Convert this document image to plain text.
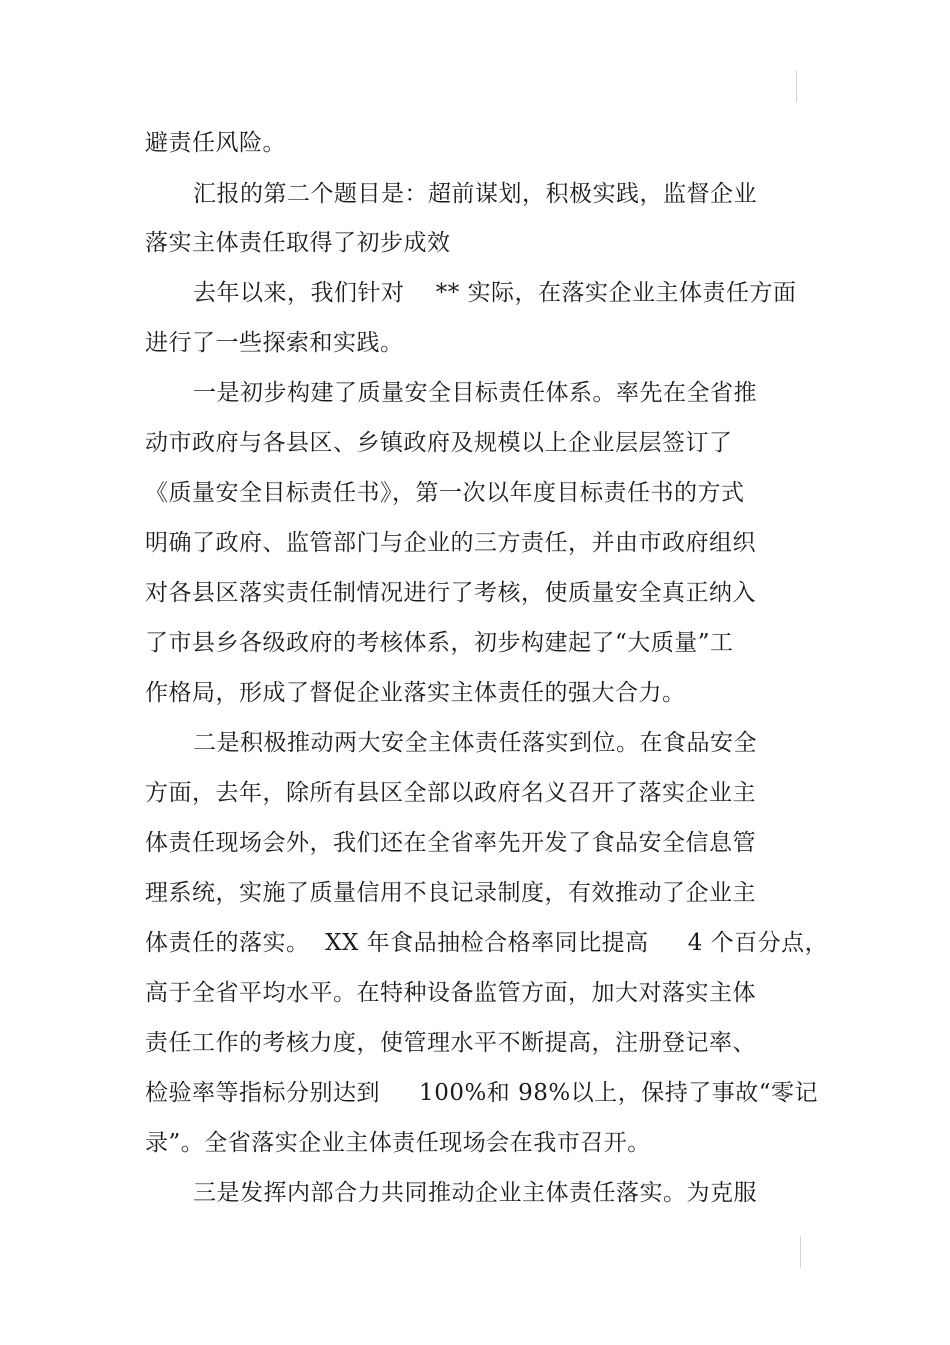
避责任风险。
汇报的第二个题目是：超前谋划，积极实践，监督企业
落实主体责任取得了初步成效
去年以来，我们针对    ** 实际，在落实企业主体责任方面
进行了一些探索和实践。
一是初步构建了质量安全目标责任体系。率先在全省推
动市政府与各县区、乡镇政府及规模以上企业层层签订了
《质量安全目标责任书》，第一次以年度目标责任书的方式
明确了政府、监管部门与企业的三方责任，并由市政府组织
对各县区落实责任制情况进行了考核，使质量安全真正纳入
了市县乡各级政府的考核体系，初步构建起了“大质量”工
作格局，形成了督促企业落实主体责任的强大合力。
二是积极推动两大安全主体责任落实到位。在食品安全
方面，去年，除所有县区全部以政府名义召开了落实企业主
体责任现场会外，我们还在全省率先开发了食品安全信息管
理系统，实施了质量信用不良记录制度，有效推动了企业主
体责任的落实。  XX 年食品抽检合格率同比提高     4 个百分点，
高于全省平均水平。在特种设备监管方面，加大对落实主体
责任工作的考核力度，使管理水平不断提高，注册登记率、
检验率等指标分别达到     100%和 98%以上，保持了事故“零记
录”。全省落实企业主体责任现场会在我市召开。
三是发挥内部合力共同推动企业主体责任落实。为克服
